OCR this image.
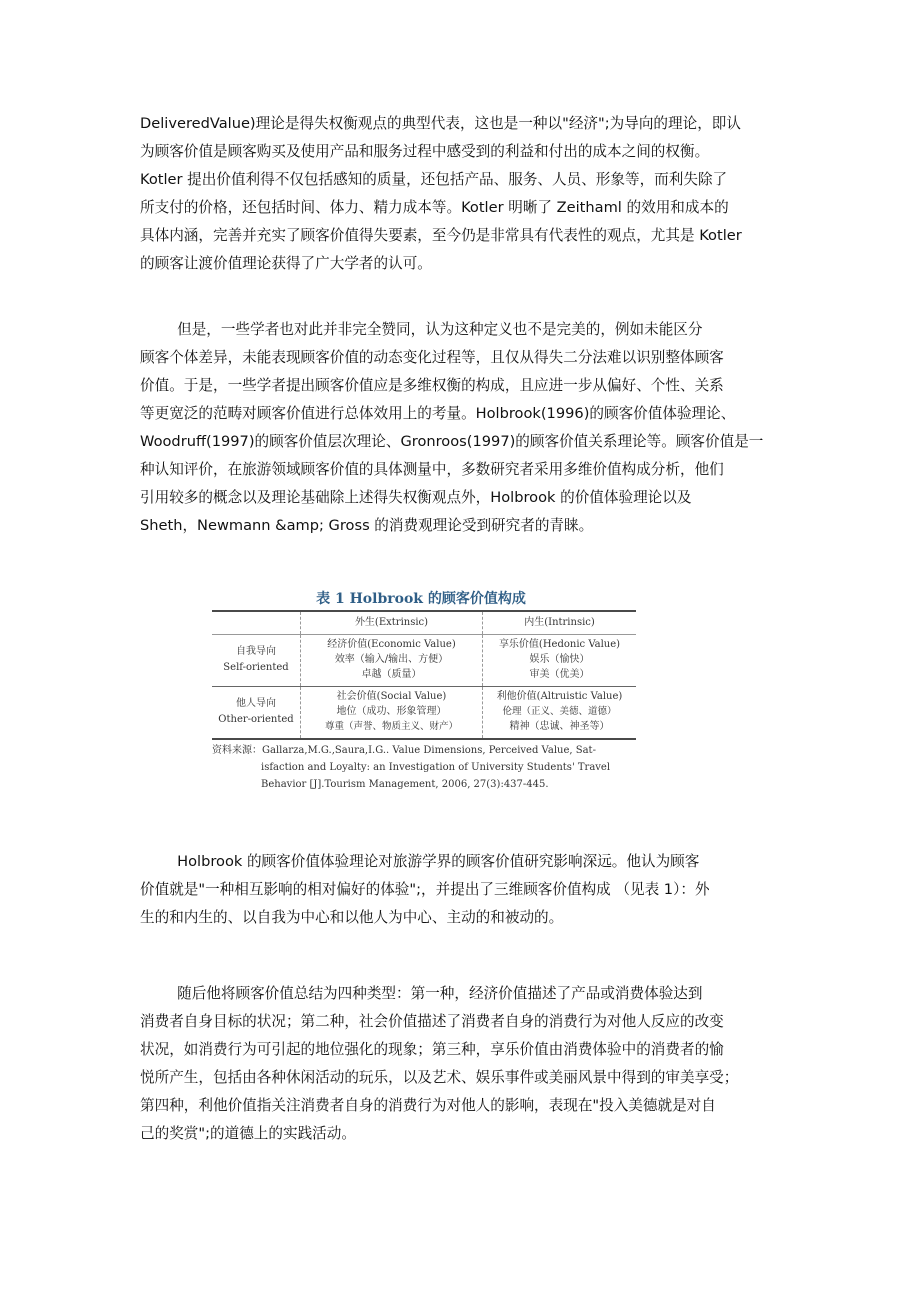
DeliveredValue)理论是得失权衡观点的典型代表，这也是一种以"经济";为导向的理论，即认
为顾客价值是顾客购买及使用产品和服务过程中感受到的利益和付出的成本之间的权衡。
Kotler 提出价值利得不仅包括感知的质量，还包括产品、服务、人员、形象等，而利失除了
所支付的价格，还包括时间、体力、精力成本等。Kotler 明晰了 Zeithaml 的效用和成本的
具体内涵，完善并充实了顾客价值得失要素，至今仍是非常具有代表性的观点，尤其是 Kotler
的顾客让渡价值理论获得了广大学者的认可。
但是，一些学者也对此并非完全赞同，认为这种定义也不是完美的，例如未能区分
顾客个体差异，未能表现顾客价值的动态变化过程等，且仅从得失二分法难以识别整体顾客
价值。于是，一些学者提出顾客价值应是多维权衡的构成，且应进一步从偏好、个性、关系
等更宽泛的范畴对顾客价值进行总体效用上的考量。Holbrook(1996)的顾客价值体验理论、
Woodruff(1997)的顾客价值层次理论、Gronroos(1997)的顾客价值关系理论等。顾客价值是一
种认知评价，在旅游领域顾客价值的具体测量中，多数研究者采用多维价值构成分析，他们
引用较多的概念以及理论基础除上述得失权衡观点外，Holbrook 的价值体验理论以及
Sheth，Newmann &amp; Gross 的消费观理论受到研究者的青睐。
表 1 Holbrook 的顾客价值构成
外生(Extrinsic)	内生(Intrinsic)
自我导向
Self-oriented
经济价值(Economic Value)
效率（输入/输出、方便）
卓越（质量）
享乐价值(Hedonic Value)
娱乐（愉快）
审美（优美）
他人导向
Other-oriented
社会价值(Social Value)
地位（成功、形象管理）
尊重（声誉、物质主义、财产）
利他价值(Altruistic Value)
伦理（正义、美德、道德）
精神（忠诚、神圣等）
资料来源：Gallarza,M.G.,Saura,I.G.. Value Dimensions, Perceived Value, Sat-
isfaction and Loyalty: an Investigation of University Students' Travel
Behavior [J].Tourism Management, 2006, 27(3):437-445.
Holbrook 的顾客价值体验理论对旅游学界的顾客价值研究影响深远。他认为顾客
价值就是"一种相互影响的相对偏好的体验";，并提出了三维顾客价值构成 （见表 1）：外
生的和内生的、以自我为中心和以他人为中心、主动的和被动的。
随后他将顾客价值总结为四种类型：第一种，经济价值描述了产品或消费体验达到
消费者自身目标的状况；第二种，社会价值描述了消费者自身的消费行为对他人反应的改变
状况，如消费行为可引起的地位强化的现象；第三种，享乐价值由消费体验中的消费者的愉
悦所产生，包括由各种休闲活动的玩乐，以及艺术、娱乐事件或美丽风景中得到的审美享受；
第四种，利他价值指关注消费者自身的消费行为对他人的影响，表现在"投入美德就是对自
己的奖赏";的道德上的实践活动。
